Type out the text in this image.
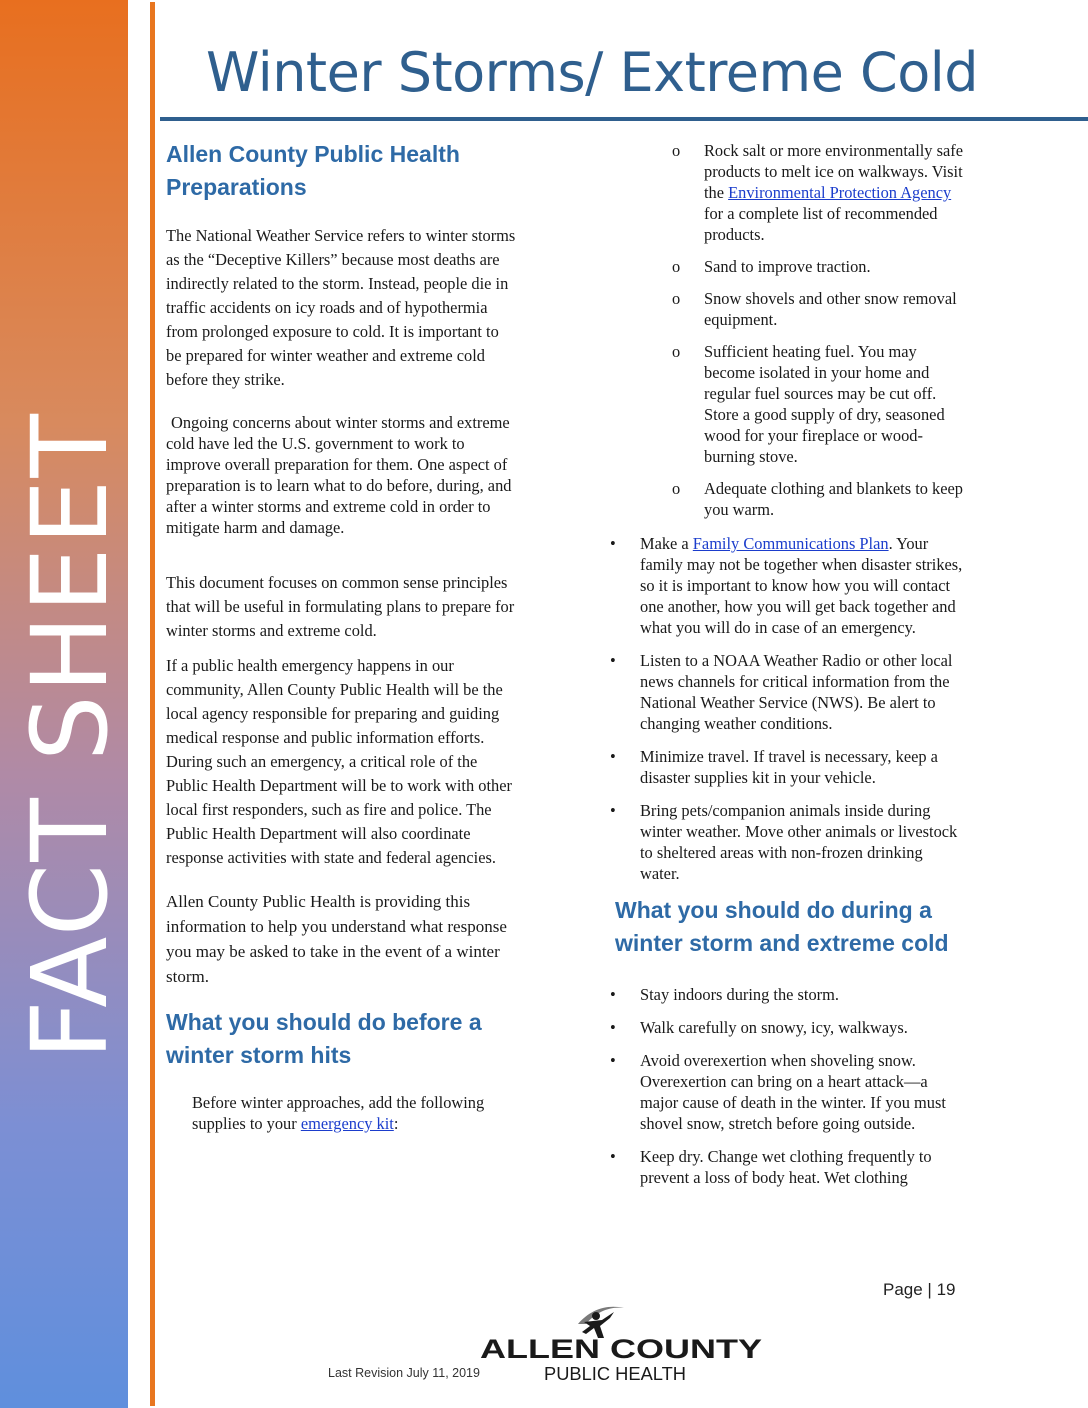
FACT SHEET
Winter Storms/ Extreme Cold
Allen County Public Health Preparations

The National Weather Service refers to winter storms as the “Deceptive Killers” because most deaths are indirectly related to the storm. Instead, people die in traffic accidents on icy roads and of hypothermia from prolonged exposure to cold. It is important to be prepared for winter weather and extreme cold before they strike.

Ongoing concerns about winter storms and extreme cold have led the U.S. government to work to improve overall preparation for them. One aspect of preparation is to learn what to do before, during, and after a winter storms and extreme cold in order to mitigate harm and damage.

This document focuses on common sense principles that will be useful in formulating plans to prepare for winter storms and extreme cold.

If a public health emergency happens in our community, Allen County Public Health will be the local agency responsible for preparing and guiding medical response and public information efforts. During such an emergency, a critical role of the Public Health Department will be to work with other local first responders, such as fire and police. The Public Health Department will also coordinate response activities with state and federal agencies.

Allen County Public Health is providing this information to help you understand what response you may be asked to take in the event of a winter storm.

What you should do before a winter storm hits

Before winter approaches, add the following supplies to your emergency kit:

o Rock salt or more environmentally safe products to melt ice on walkways. Visit the Environmental Protection Agency for a complete list of recommended products.
o Sand to improve traction.
o Snow shovels and other snow removal equipment.
o Sufficient heating fuel. You may become isolated in your home and regular fuel sources may be cut off. Store a good supply of dry, seasoned wood for your fireplace or wood-burning stove.
o Adequate clothing and blankets to keep you warm.
• Make a Family Communications Plan. Your family may not be together when disaster strikes, so it is important to know how you will contact one another, how you will get back together and what you will do in case of an emergency.
• Listen to a NOAA Weather Radio or other local news channels for critical information from the National Weather Service (NWS). Be alert to changing weather conditions.
• Minimize travel. If travel is necessary, keep a disaster supplies kit in your vehicle.
• Bring pets/companion animals inside during winter weather. Move other animals or livestock to sheltered areas with non-frozen drinking water.
What you should do during a winter storm and extreme cold
• Stay indoors during the storm.
• Walk carefully on snowy, icy, walkways.
• Avoid overexertion when shoveling snow. Overexertion can bring on a heart attack—a major cause of death in the winter. If you must shovel snow, stretch before going outside.
• Keep dry. Change wet clothing frequently to prevent a loss of body heat. Wet clothing
Page | 19
ALLEN COUNTY
PUBLIC HEALTH
Last Revision July 11, 2019
